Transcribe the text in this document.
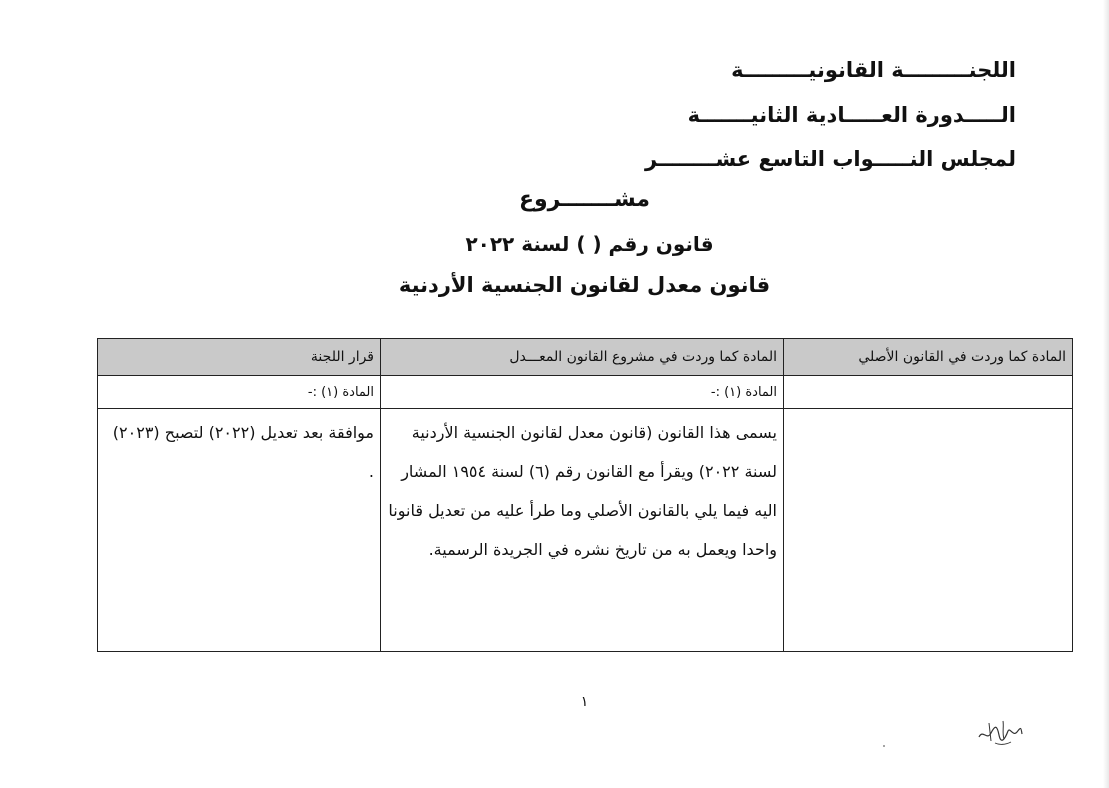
اللجنـــــــــة القانونيـــــــــة
الـــــدورة العـــــادية الثانيـــــــة
لمجلس النـــــواب التاسع عشــــــــر
مشـــــــروع
قانون رقم ( ) لسنة ٢٠٢٢
قانون معدل لقانون الجنسية الأردنية
المادة كما وردت في القانون الأصلي	المادة كما وردت في مشروع القانون المعـــدل	قرار اللجنة
	المادة (١) :-	المادة (١) :-
	يسمى هذا القانون (قانون معدل لقانون الجنسية الأردنية لسنة ٢٠٢٢) ويقرأ مع القانون رقم (٦) لسنة ١٩٥٤ المشار اليه فيما يلي بالقانون الأصلي وما طرأ عليه من تعديل قانونا واحدا ويعمل به من تاريخ نشره في الجريدة الرسمية.	موافقة بعد تعديل (٢٠٢٢) لتصبح (٢٠٢٣) .
١
